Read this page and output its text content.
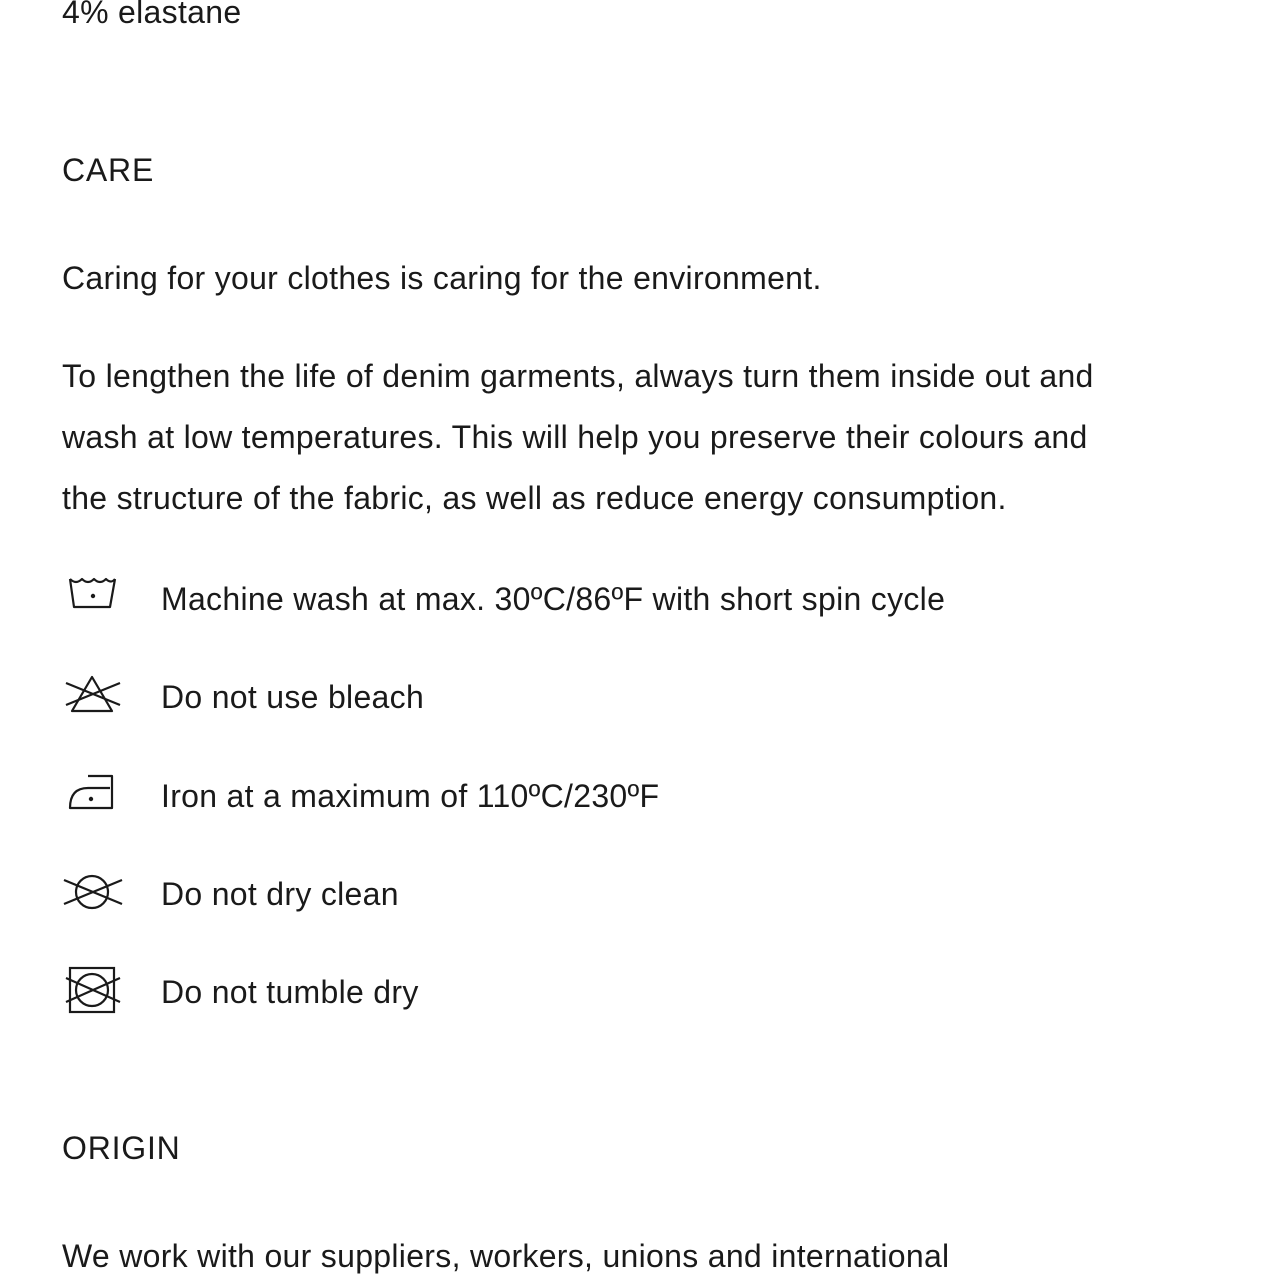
4% elastane
CARE
Caring for your clothes is caring for the environment.

To lengthen the life of denim garments, always turn them inside out and
wash at low temperatures. This will help you preserve their colours and
the structure of the fabric, as well as reduce energy consumption.

Machine wash at max. 30ºC/86ºF with short spin cycle
Do not use bleach
Iron at a maximum of 110ºC/230ºF
Do not dry clean
Do not tumble dry
ORIGIN
We work with our suppliers, workers, unions and international
